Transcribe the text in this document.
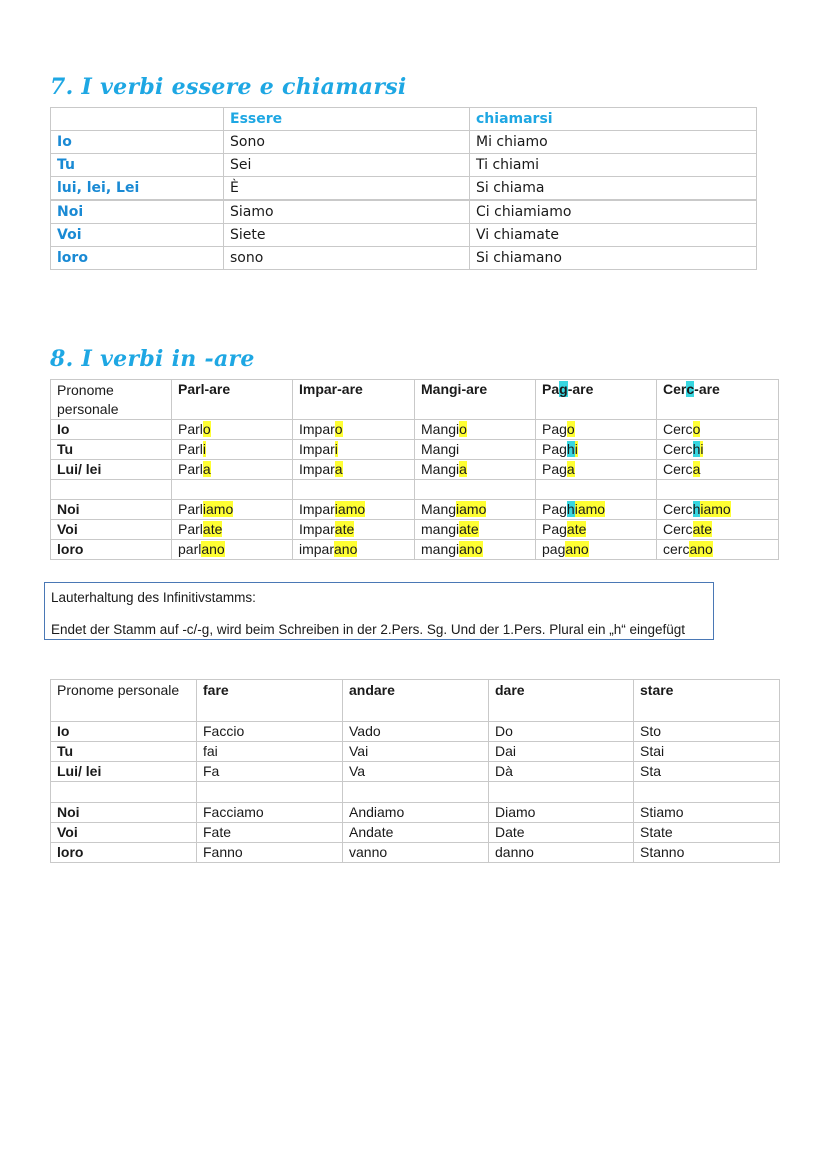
7. I verbi essere e chiamarsi
	Essere	chiamarsi
Io	Sono	Mi chiamo
Tu	Sei	Ti chiami
lui, lei, Lei	È	Si chiama

Noi	Siamo	Ci chiamiamo
Voi	Siete	Vi chiamate
loro	sono	Si chiamano
8. I verbi in -are
Pronome personale	Parl-are	Impar-are	Mangi-are	Pag-are	Cerc-are
Io	Parlo	Imparo	Mangio	Pago	Cerco
Tu	Parli	Impari	Mangi	Paghi	Cerchi
Lui/ lei	Parla	Impara	Mangia	Paga	Cerca

Noi	Parliamo	Impariamo	Mangiamo	Paghiamo	Cerchiamo
Voi	Parlate	Imparate	mangiate	Pagate	Cercate
loro	parlano	imparano	mangiano	pagano	cercano

Lauterhaltung des Infinitivstamms:

Endet der Stamm auf -c/-g, wird beim Schreiben in der 2.Pers. Sg. Und der 1.Pers. Plural ein „h“ eingefügt

Pronome personale	fare	andare	dare	stare
Io	Faccio	Vado	Do	Sto
Tu	fai	Vai	Dai	Stai
Lui/ lei	Fa	Va	Dà	Sta

Noi	Facciamo	Andiamo	Diamo	Stiamo
Voi	Fate	Andate	Date	State
loro	Fanno	vanno	danno	Stanno
